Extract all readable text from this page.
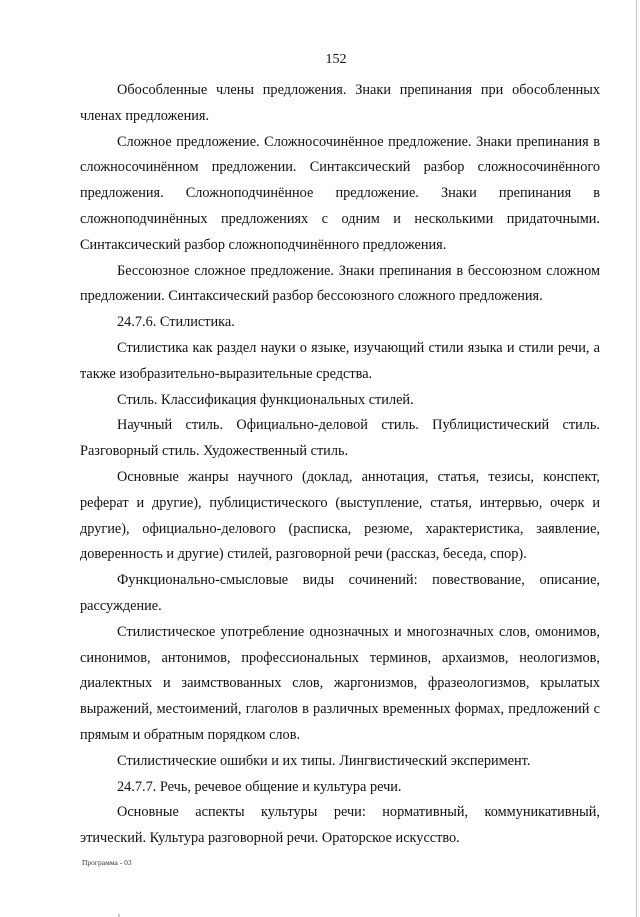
152

Обособленные члены предложения. Знаки препинания при обособленных членах предложения.

Сложное предложение. Сложносочинённое предложение. Знаки препинания в сложносочинённом предложении. Синтаксический разбор сложносочинённого предложения. Сложноподчинённое предложение. Знаки препинания в сложноподчинённых предложениях с одним и несколькими придаточными. Синтаксический разбор сложноподчинённого предложения.

Бессоюзное сложное предложение. Знаки препинания в бессоюзном сложном предложении. Синтаксический разбор бессоюзного сложного предложения.

24.7.6. Стилистика.

Стилистика как раздел науки о языке, изучающий стили языка и стили речи, а также изобразительно-выразительные средства.

Стиль. Классификация функциональных стилей.

Научный стиль. Официально-деловой стиль. Публицистический стиль. Разговорный стиль. Художественный стиль.

Основные жанры научного (доклад, аннотация, статья, тезисы, конспект, реферат и другие), публицистического (выступление, статья, интервью, очерк и другие), официально-делового (расписка, резюме, характеристика, заявление, доверенность и другие) стилей, разговорной речи (рассказ, беседа, спор).

Функционально-смысловые виды сочинений: повествование, описание, рассуждение.

Стилистическое употребление однозначных и многозначных слов, омонимов, синонимов, антонимов, профессиональных терминов, архаизмов, неологизмов, диалектных и заимствованных слов, жаргонизмов, фразеологизмов, крылатых выражений, местоимений, глаголов в различных временных формах, предложений с прямым и обратным порядком слов.

Стилистические ошибки и их типы. Лингвистический эксперимент.

24.7.7. Речь, речевое общение и культура речи.

Основные аспекты культуры речи: нормативный, коммуникативный, этический. Культура разговорной речи. Ораторское искусство.

Программа - 03
